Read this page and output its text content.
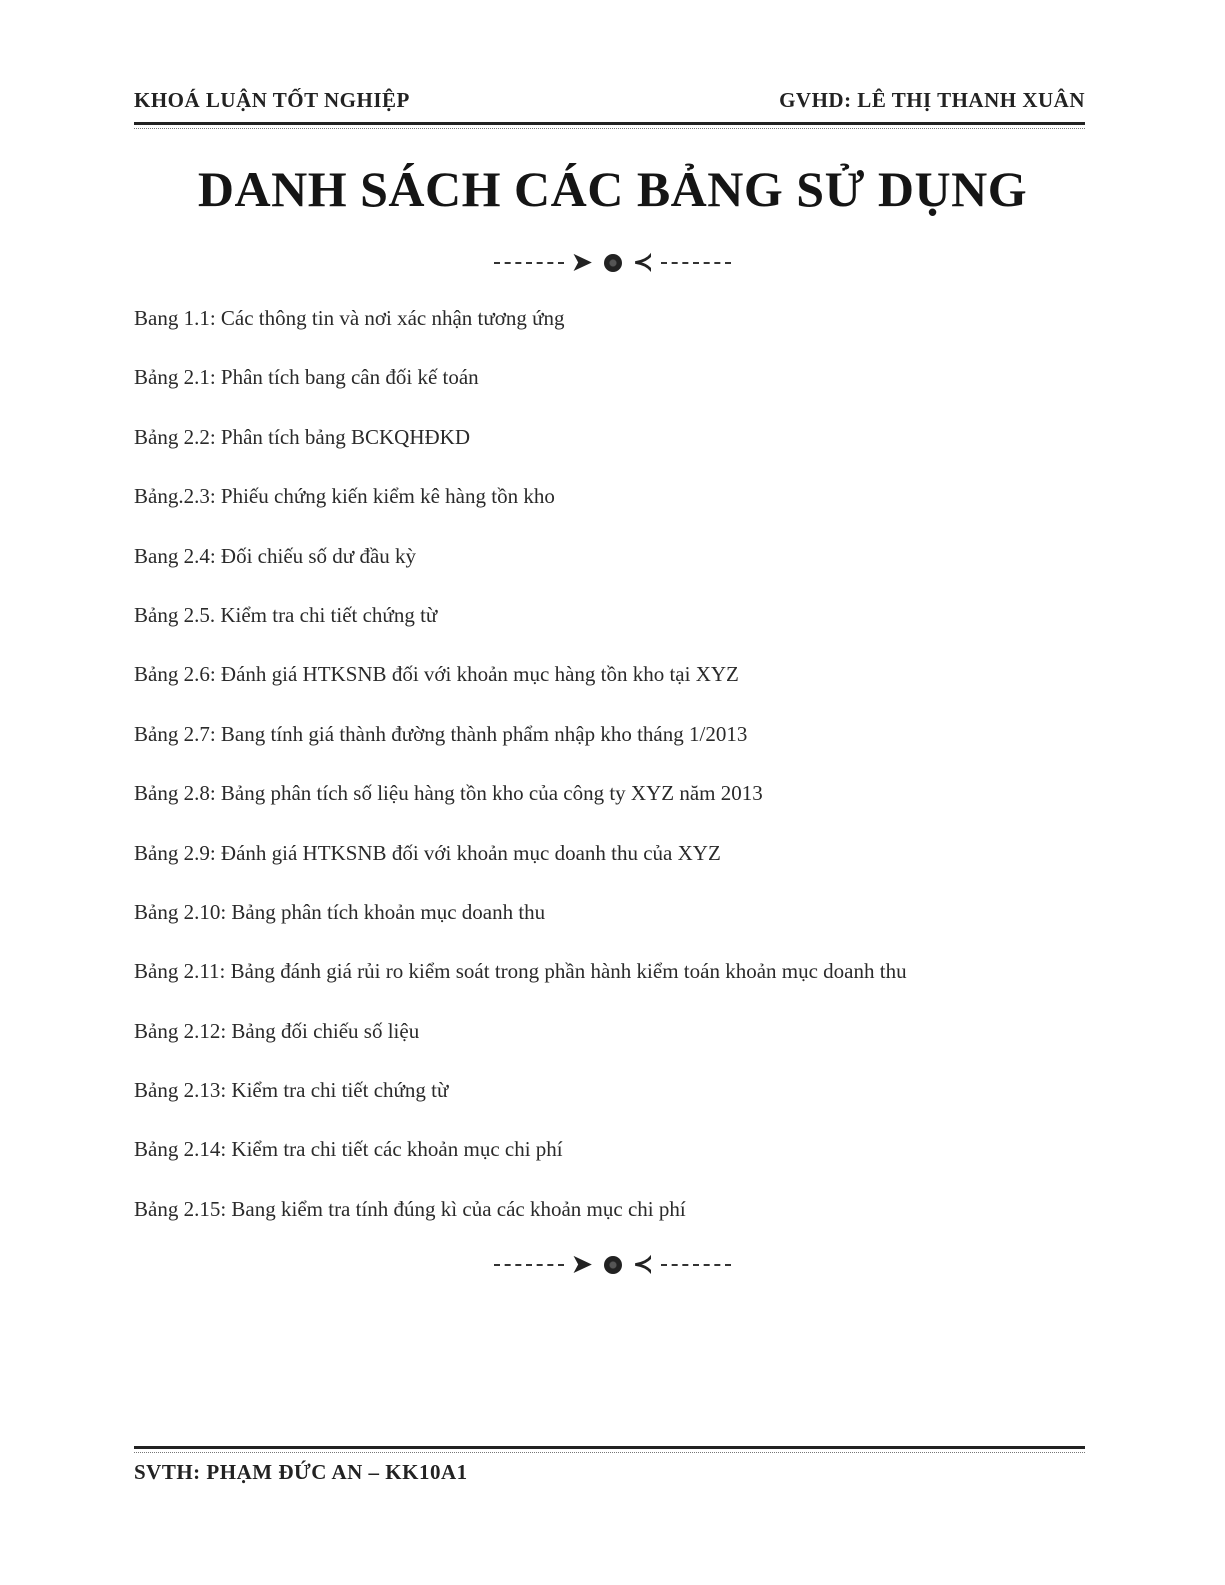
KHOÁ LUẬN TỐT NGHIỆP	GVHD: LÊ THỊ THANH XUÂN
DANH SÁCH CÁC BẢNG SỬ DỤNG
➤ ≺
Bang 1.1: Các thông tin và nơi xác nhận tương ứng
Bảng 2.1: Phân tích bang cân đối kế toán
Bảng 2.2: Phân tích bảng BCKQHĐKD
Bảng.2.3: Phiếu chứng kiến kiểm kê hàng tồn kho
Bang 2.4: Đối chiếu số dư đầu kỳ
Bảng 2.5. Kiểm tra chi tiết chứng từ
Bảng 2.6: Đánh giá HTKSNB đối với khoản mục hàng tồn kho tại XYZ
Bảng 2.7: Bang tính giá thành đường thành phẩm nhập kho tháng 1/2013
Bảng 2.8: Bảng phân tích số liệu hàng tồn kho của công ty XYZ năm 2013
Bảng 2.9: Đánh giá HTKSNB đối với khoản mục doanh thu của XYZ
Bảng 2.10: Bảng phân tích khoản mục doanh thu
Bảng 2.11: Bảng đánh giá rủi ro kiểm soát trong phần hành kiểm toán khoản mục doanh thu
Bảng 2.12: Bảng đối chiếu số liệu
Bảng 2.13: Kiểm tra chi tiết chứng từ
Bảng 2.14: Kiểm tra chi tiết các khoản mục chi phí
Bảng 2.15: Bang kiểm tra tính đúng kì của các khoản mục chi phí
➤ ≺
SVTH: PHẠM ĐỨC AN – KK10A1
